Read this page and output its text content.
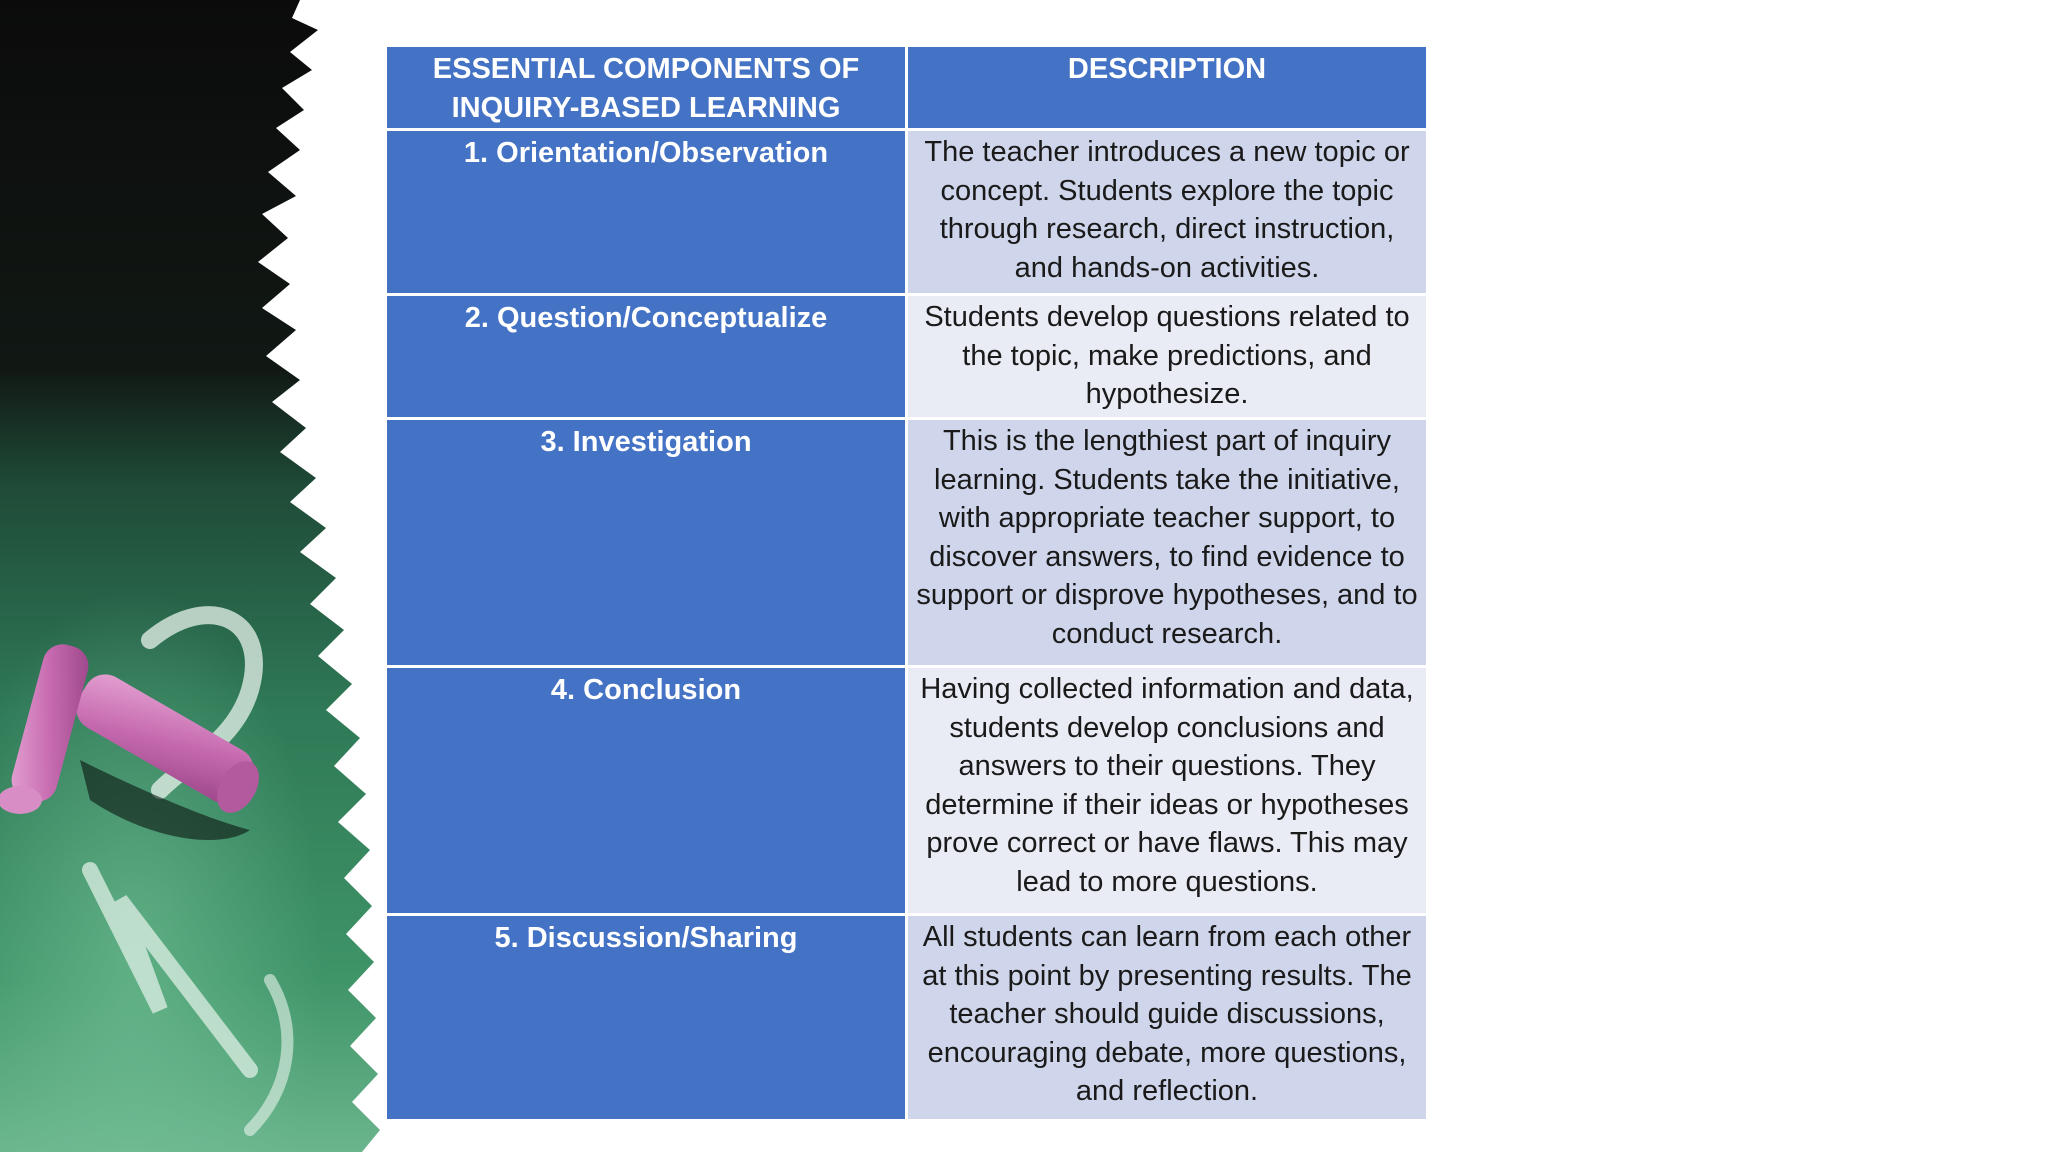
ESSENTIAL COMPONENTS OF INQUIRY-BASED LEARNING	DESCRIPTION
1. Orientation/Observation	The teacher introduces a new topic or concept. Students explore the topic through research, direct instruction, and hands-on activities.
2. Question/Conceptualize	Students develop questions related to the topic, make predictions, and hypothesize.
3. Investigation	This is the lengthiest part of inquiry learning. Students take the initiative, with appropriate teacher support, to discover answers, to find evidence to support or disprove hypotheses, and to conduct research.
4. Conclusion	Having collected information and data, students develop conclusions and answers to their questions. They determine if their ideas or hypotheses prove correct or have flaws. This may lead to more questions.
5. Discussion/Sharing	All students can learn from each other at this point by presenting results. The teacher should guide discussions, encouraging debate, more questions, and reflection.
